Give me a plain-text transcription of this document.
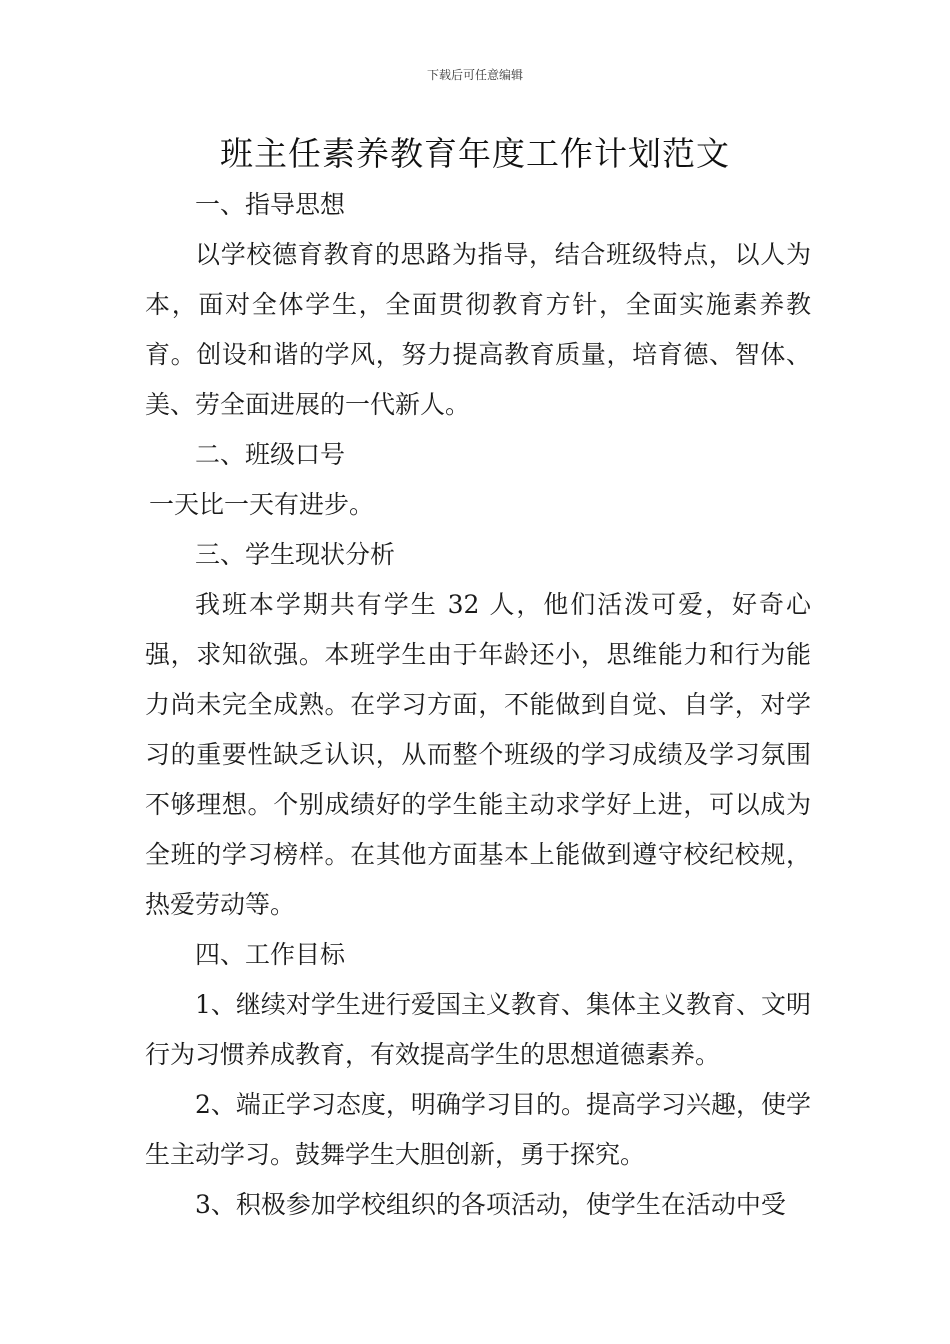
下载后可任意编辑
班主任素养教育年度工作计划范文

一、指导思想

以学校德育教育的思路为指导，结合班级特点，以人为本，面对全体学生，全面贯彻教育方针，全面实施素养教育。创设和谐的学风，努力提高教育质量，培育德、智体、美、劳全面进展的一代新人。

二、班级口号

一天比一天有进步。

三、学生现状分析

我班本学期共有学生 32 人，他们活泼可爱，好奇心强，求知欲强。本班学生由于年龄还小，思维能力和行为能力尚未完全成熟。在学习方面，不能做到自觉、自学，对学习的重要性缺乏认识，从而整个班级的学习成绩及学习氛围不够理想。个别成绩好的学生能主动求学好上进，可以成为全班的学习榜样。在其他方面基本上能做到遵守校纪校规，热爱劳动等。

四、工作目标

1、继续对学生进行爱国主义教育、集体主义教育、文明行为习惯养成教育，有效提高学生的思想道德素养。

2、端正学习态度，明确学习目的。提高学习兴趣，使学生主动学习。鼓舞学生大胆创新，勇于探究。

3、积极参加学校组织的各项活动，使学生在活动中受
